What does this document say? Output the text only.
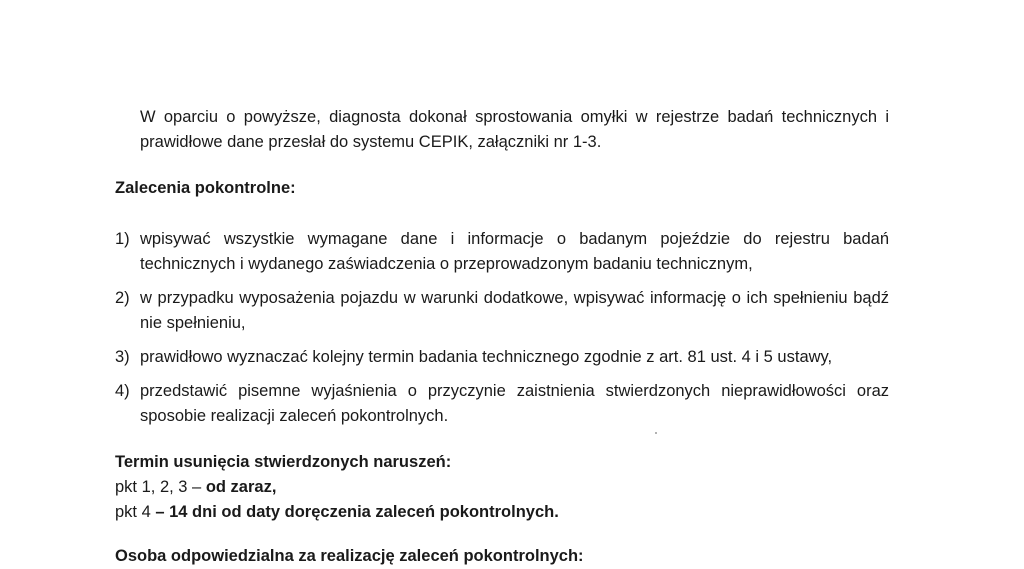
W oparciu o powyższe, diagnosta dokonał sprostowania omyłki w rejestrze badań technicznych i prawidłowe dane przesłał do systemu CEPIK, załączniki nr 1-3.

Zalecenia pokontrolne:

1) wpisywać wszystkie wymagane dane i informacje o badanym pojeździe do rejestru badań technicznych i wydanego zaświadczenia o przeprowadzonym badaniu technicznym,
2) w przypadku wyposażenia pojazdu w warunki dodatkowe, wpisywać informację o ich spełnieniu bądź nie spełnieniu,
3) prawidłowo wyznaczać kolejny termin badania technicznego zgodnie z art. 81 ust. 4 i 5 ustawy,
4) przedstawić pisemne wyjaśnienia o przyczynie zaistnienia stwierdzonych nieprawidłowości oraz sposobie realizacji zaleceń pokontrolnych.

Termin usunięcia stwierdzonych naruszeń:

pkt 1, 2, 3 – od zaraz,

pkt 4 – 14 dni od daty doręczenia zaleceń pokontrolnych.

Osoba odpowiedzialna za realizację zaleceń pokontrolnych:
